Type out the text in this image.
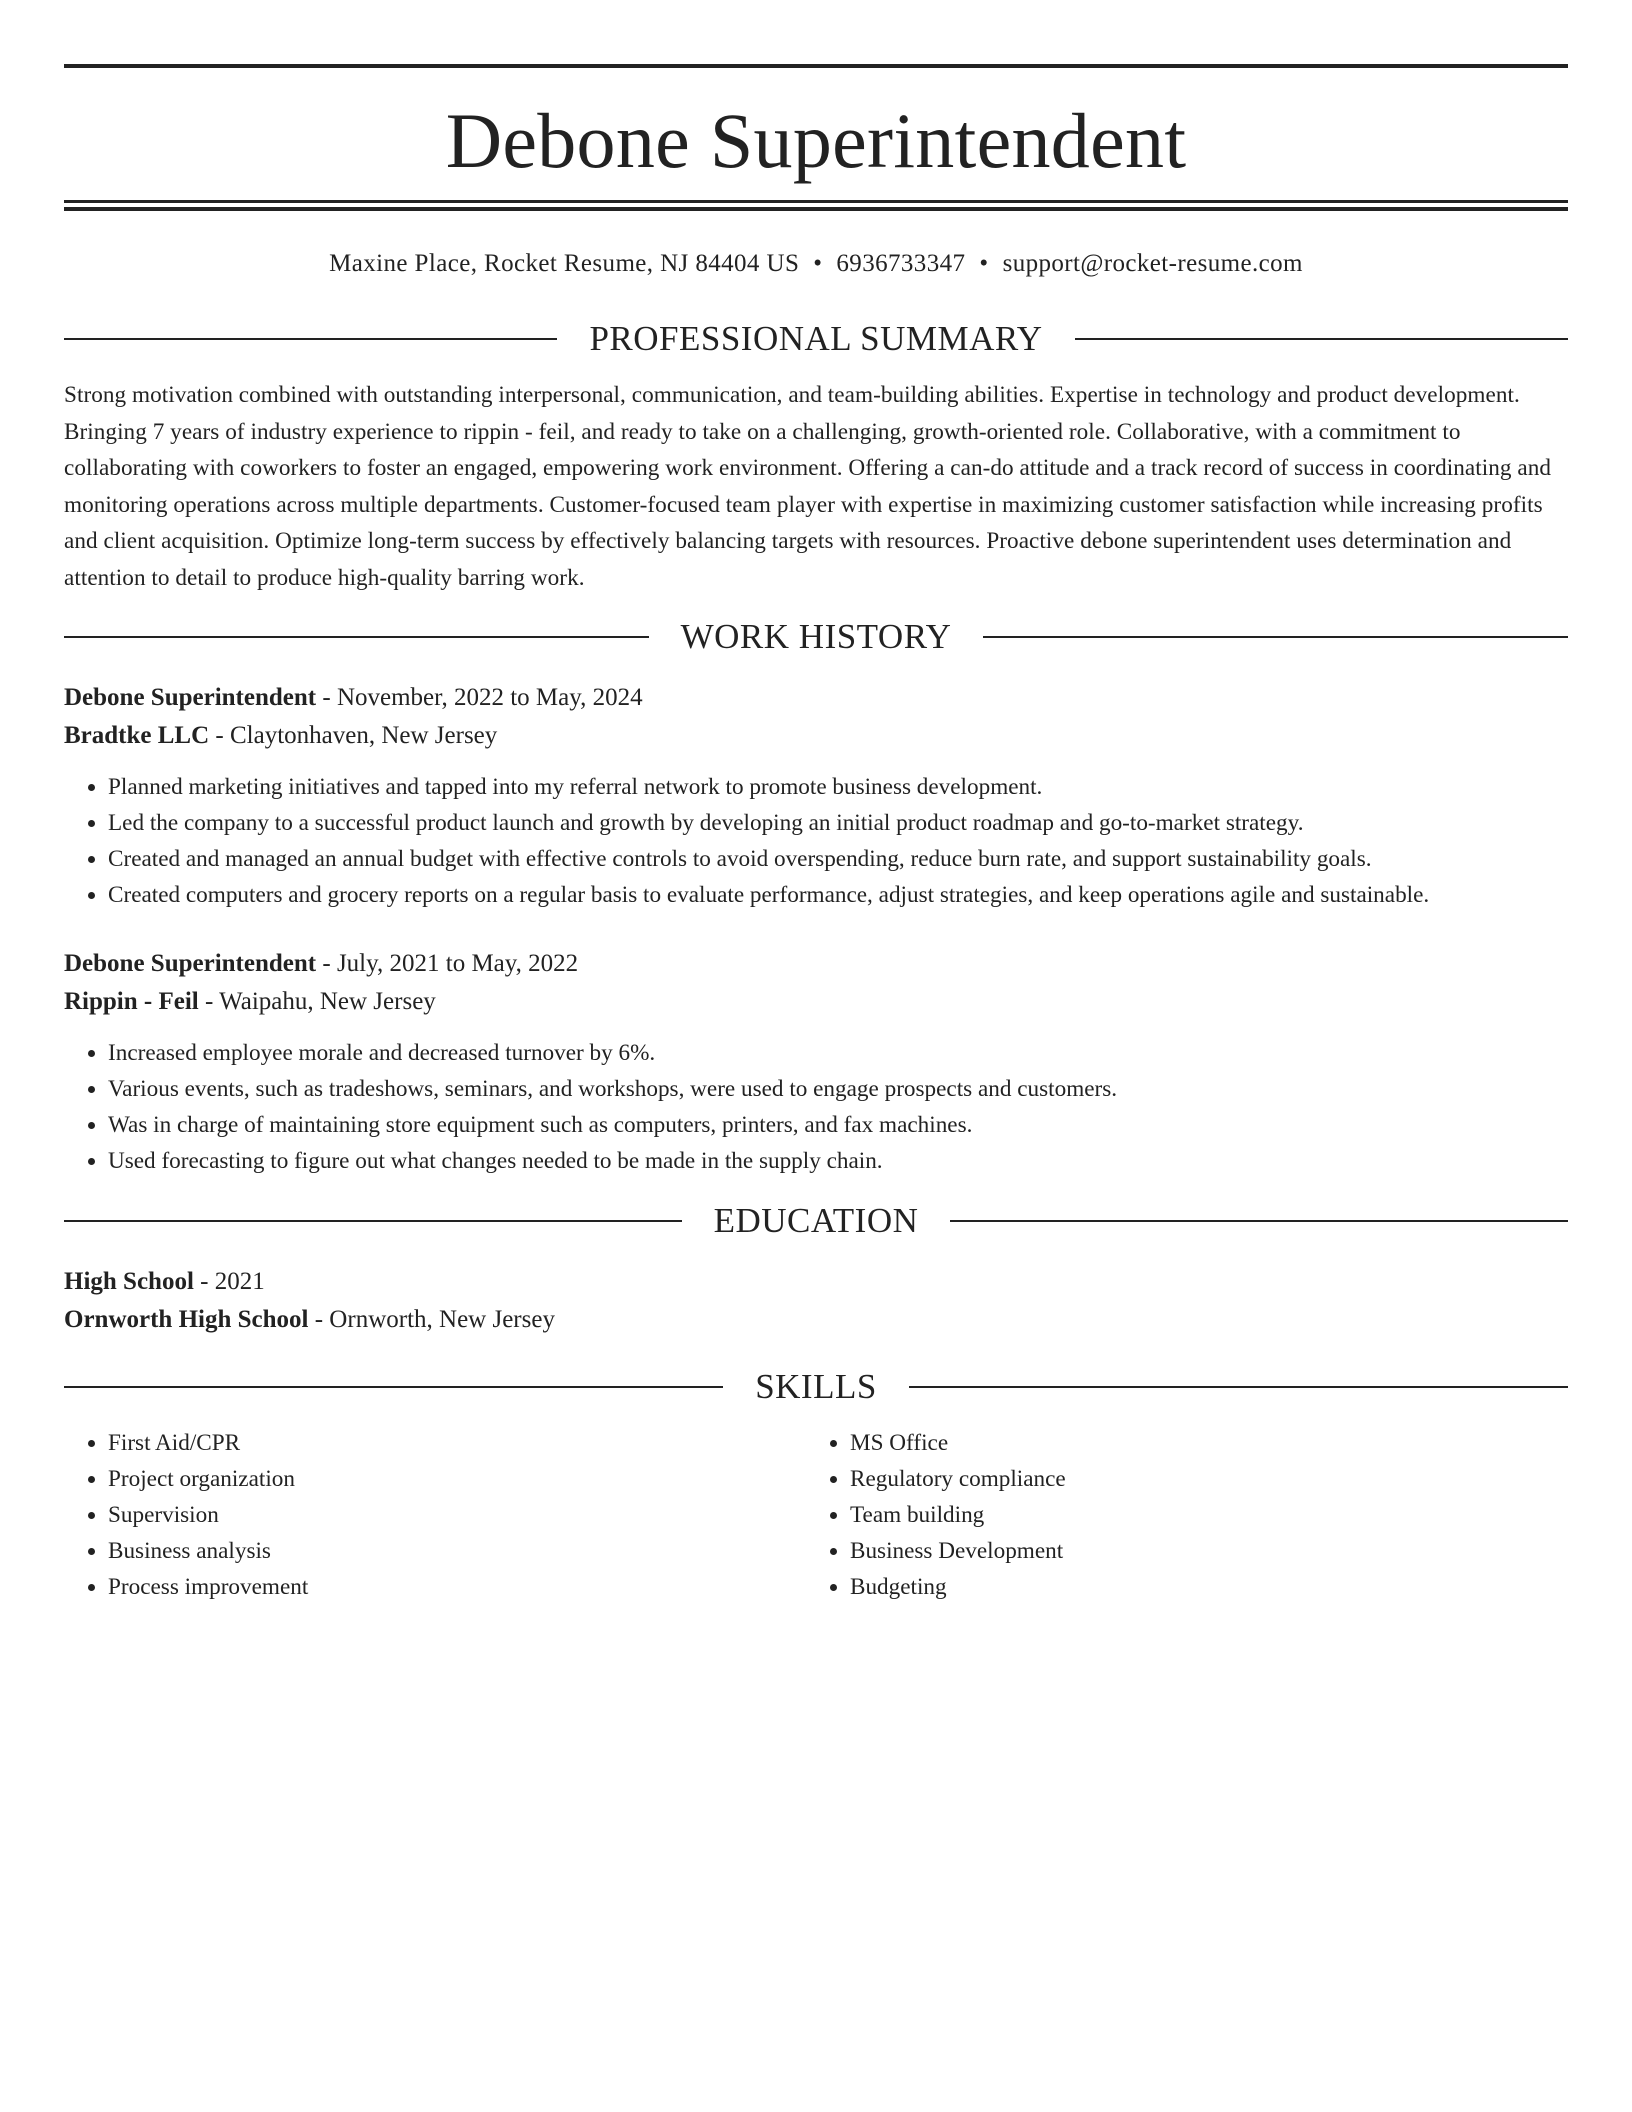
Debone Superintendent
Maxine Place, Rocket Resume, NJ 84404 US • 6936733347 • support@rocket-resume.com
PROFESSIONAL SUMMARY
Strong motivation combined with outstanding interpersonal, communication, and team-building abilities. Expertise in technology and product development. Bringing 7 years of industry experience to rippin - feil, and ready to take on a challenging, growth-oriented role. Collaborative, with a commitment to collaborating with coworkers to foster an engaged, empowering work environment. Offering a can-do attitude and a track record of success in coordinating and monitoring operations across multiple departments. Customer-focused team player with expertise in maximizing customer satisfaction while increasing profits and client acquisition. Optimize long-term success by effectively balancing targets with resources. Proactive debone superintendent uses determination and attention to detail to produce high-quality barring work.
WORK HISTORY
Debone Superintendent - November, 2022 to May, 2024
Bradtke LLC - Claytonhaven, New Jersey
• Planned marketing initiatives and tapped into my referral network to promote business development.
• Led the company to a successful product launch and growth by developing an initial product roadmap and go-to-market strategy.
• Created and managed an annual budget with effective controls to avoid overspending, reduce burn rate, and support sustainability goals.
• Created computers and grocery reports on a regular basis to evaluate performance, adjust strategies, and keep operations agile and sustainable.
Debone Superintendent - July, 2021 to May, 2022
Rippin - Feil - Waipahu, New Jersey
• Increased employee morale and decreased turnover by 6%.
• Various events, such as tradeshows, seminars, and workshops, were used to engage prospects and customers.
• Was in charge of maintaining store equipment such as computers, printers, and fax machines.
• Used forecasting to figure out what changes needed to be made in the supply chain.
EDUCATION
High School - 2021
Ornworth High School - Ornworth, New Jersey
SKILLS
• First Aid/CPR
• Project organization
• Supervision
• Business analysis
• Process improvement
• MS Office
• Regulatory compliance
• Team building
• Business Development
• Budgeting
